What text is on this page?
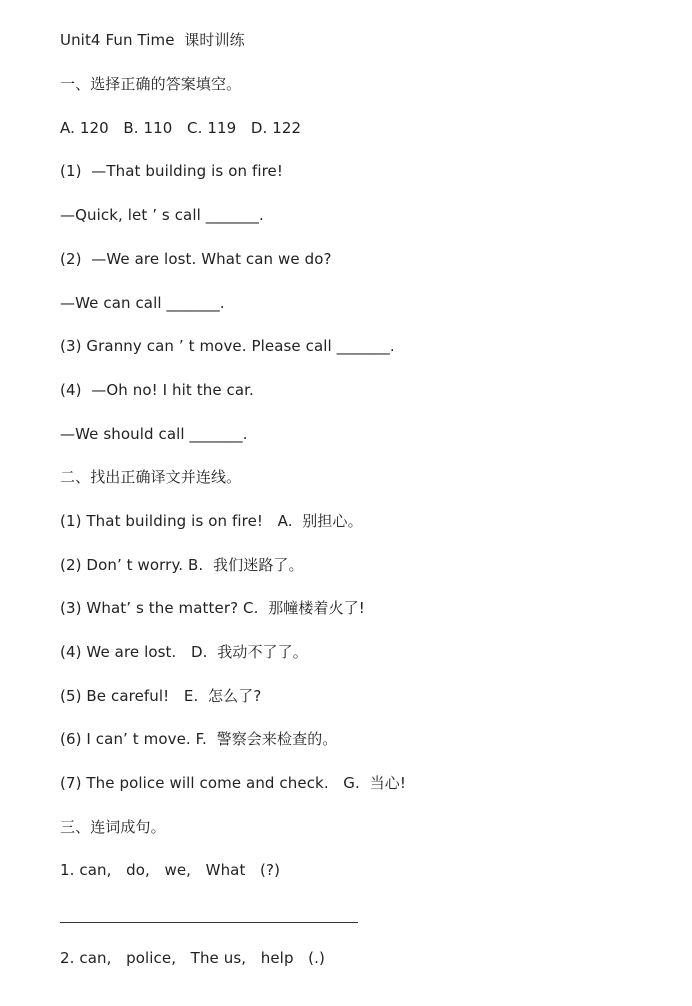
Unit4 Fun Time  课时训练
一、选择正确的答案填空。
A. 120   B. 110   C. 119   D. 122
(1)  —That building is on fire!
—Quick, let ’ s call _______.
(2)  —We are lost. What can we do?
—We can call _______.
(3) Granny can ’ t move. Please call _______.
(4)  —Oh no! I hit the car.
—We should call _______.
二、找出正确译文并连线。
(1) That building is on fire!   A.  别担心。
(2) Don’ t worry. B.  我们迷路了。
(3) What’ s the matter? C.  那幢楼着火了!
(4) We are lost.   D.  我动不了了。
(5) Be careful!   E.  怎么了?
(6) I can’ t move. F.  警察会来检查的。
(7) The police will come and check.   G.  当心!
三、连词成句。
1. can,   do,   we,   What   (?)
2. can,   police,   The us,   help   (.)
